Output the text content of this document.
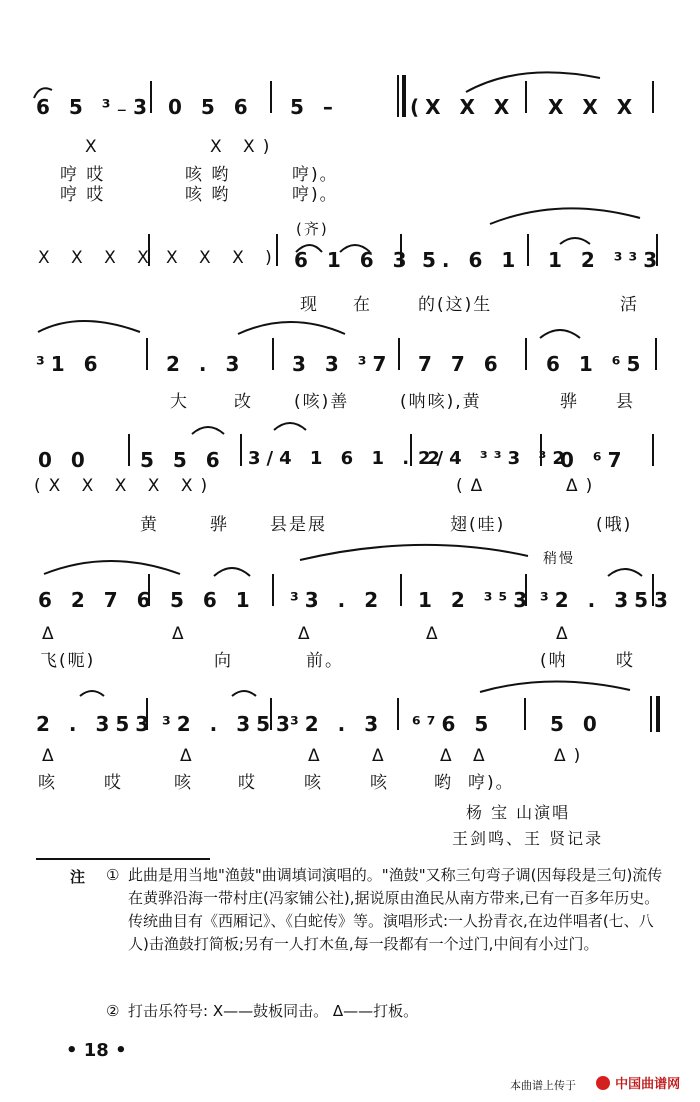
6 5 ³₋3 0 5 6 5 –	(X X X X X X
X	X X)
哼 哎	咳 哟	哼)。
哼 哎	咳 哟	哼)。
(齐)
X X X X X X X ) 6 1 6 3 5. 6 1 1 2 ³³3
现 在	的(这)生	活
³1 6	2 . 3 3 3 ³7 7 7 6 6 1 ⁶5
大	改 (咳)善	(呐咳),黄	骅 县
0 0 5 5 6 3/4 1 6 1 . 2
2/4 ³³3 ³2
0 ⁶7
(X X X X X)	(Δ	Δ)
黄	骅 县是展	翅(哇)	(哦)
稍慢
6 2 7 6 5 6 1 ³3 . 2 1 2 ³⁵3 ³2 . 353
Δ	Δ	Δ	Δ	Δ
飞(呃)	向	前。	(呐	哎
2 . 353 ³2 . 353
³2 . 3 ⁶⁷6 5	5 0
Δ	Δ	Δ	Δ	Δ Δ	Δ)
咳	哎	咳	哎	咳	咳	哟 哼)。
杨 宝 山演唱
王剑鸣、王 贤记录
注 ① 此曲是用当地"渔鼓"曲调填词演唱的。"渔鼓"又称三句弯子调(因每段是三句)流传在黄骅沿海一带村庄(冯家铺公社),据说原由渔民从南方带来,已有一百多年历史。传统曲目有《西厢记》、《白蛇传》等。演唱形式:一人扮青衣,在边伴唱者(七、八人)击渔鼓打简板;另有一人打木鱼,每一段都有一个过门,中间有小过门。
② 打击乐符号: X——鼓板同击。 Δ——打板。
• 18 •
本曲谱上传于	中国曲谱网
